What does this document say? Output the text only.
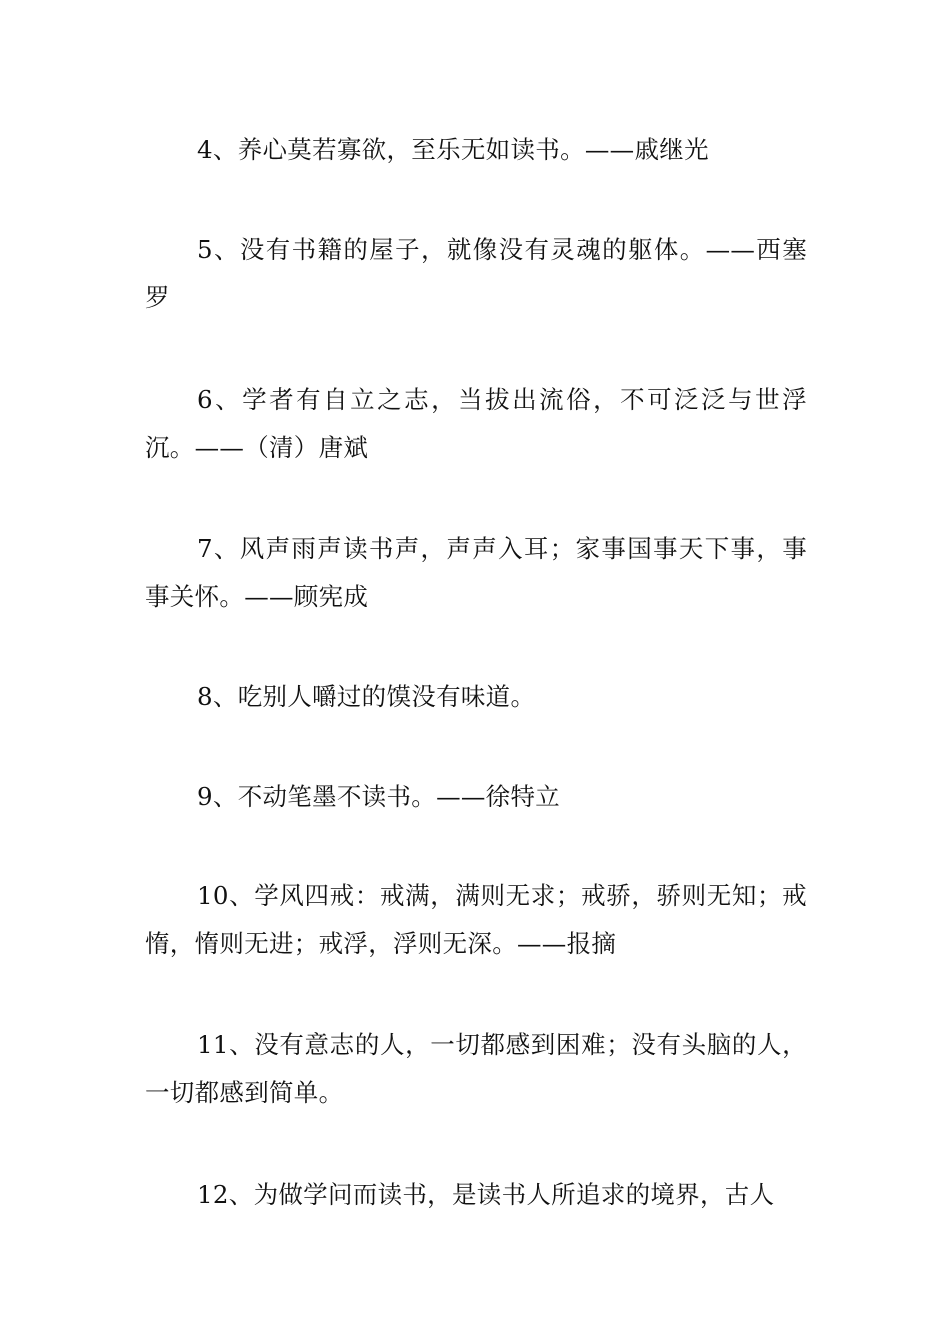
4、养心莫若寡欲，至乐无如读书。——戚继光

5、没有书籍的屋子，就像没有灵魂的躯体。——西塞罗

6、学者有自立之志，当拔出流俗，不可泛泛与世浮沉。——（清）唐斌

7、风声雨声读书声，声声入耳；家事国事天下事，事事关怀。——顾宪成

8、吃别人嚼过的馍没有味道。

9、不动笔墨不读书。——徐特立

10、学风四戒：戒满，满则无求；戒骄，骄则无知；戒惰，惰则无进；戒浮，浮则无深。——报摘

11、没有意志的人，一切都感到困难；没有头脑的人，一切都感到简单。

12、为做学问而读书，是读书人所追求的境界，古人
